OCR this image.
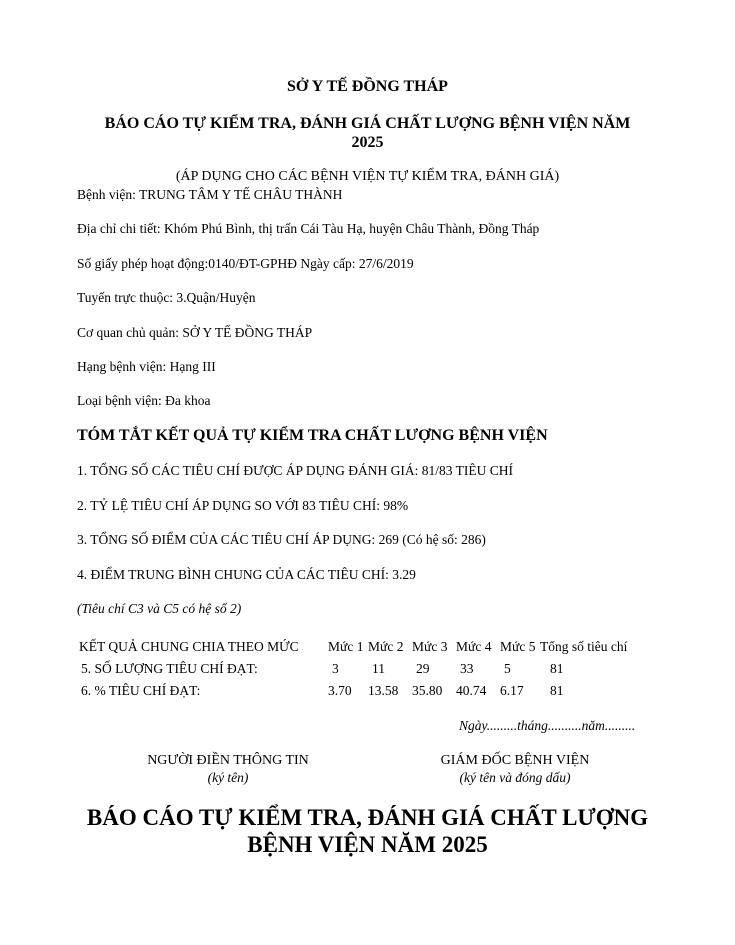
SỞ Y TẾ ĐỒNG THÁP
BÁO CÁO TỰ KIỂM TRA, ĐÁNH GIÁ CHẤT LƯỢNG BỆNH VIỆN NĂM
2025
(ÁP DỤNG CHO CÁC BỆNH VIỆN TỰ KIỂM TRA, ĐÁNH GIÁ)
Bệnh viện: TRUNG TÂM Y TẾ CHÂU THÀNH
Địa chỉ chi tiết: Khóm Phú Bình, thị trấn Cái Tàu Hạ, huyện Châu Thành, Đồng Tháp
Số giấy phép hoạt động:0140/ĐT-GPHĐ Ngày cấp: 27/6/2019
Tuyến trực thuộc: 3.Quận/Huyện
Cơ quan chủ quản: SỞ Y TẾ ĐỒNG THÁP
Hạng bệnh viện: Hạng III
Loại bệnh viện: Đa khoa
TÓM TẮT KẾT QUẢ TỰ KIỂM TRA CHẤT LƯỢNG BỆNH VIỆN
1. TỔNG SỐ CÁC TIÊU CHÍ ĐƯỢC ÁP DỤNG ĐÁNH GIÁ: 81/83 TIÊU CHÍ
2. TỶ LỆ TIÊU CHÍ ÁP DỤNG SO VỚI 83 TIÊU CHÍ: 98%
3. TỔNG SỐ ĐIỂM CỦA CÁC TIÊU CHÍ ÁP DỤNG: 269 (Có hệ số: 286)
4. ĐIỂM TRUNG BÌNH CHUNG CỦA CÁC TIÊU CHÍ: 3.29
(Tiêu chí C3 và C5 có hệ số 2)
KẾT QUẢ CHUNG CHIA THEO MỨC	Mức 1	Mức 2	Mức 3	Mức 4	Mức 5	Tổng số tiêu chí
5. SỐ LƯỢNG TIÊU CHÍ ĐẠT:	3	11	29	33	5	81
6. % TIÊU CHÍ ĐẠT:	3.70	13.58	35.80	40.74	6.17	81
Ngày.........tháng..........năm.........
NGƯỜI ĐIỀN THÔNG TIN
(ký tên)
GIÁM ĐỐC BỆNH VIỆN
(ký tên và đóng dấu)
BÁO CÁO TỰ KIỂM TRA, ĐÁNH GIÁ CHẤT LƯỢNG
BỆNH VIỆN NĂM 2025
